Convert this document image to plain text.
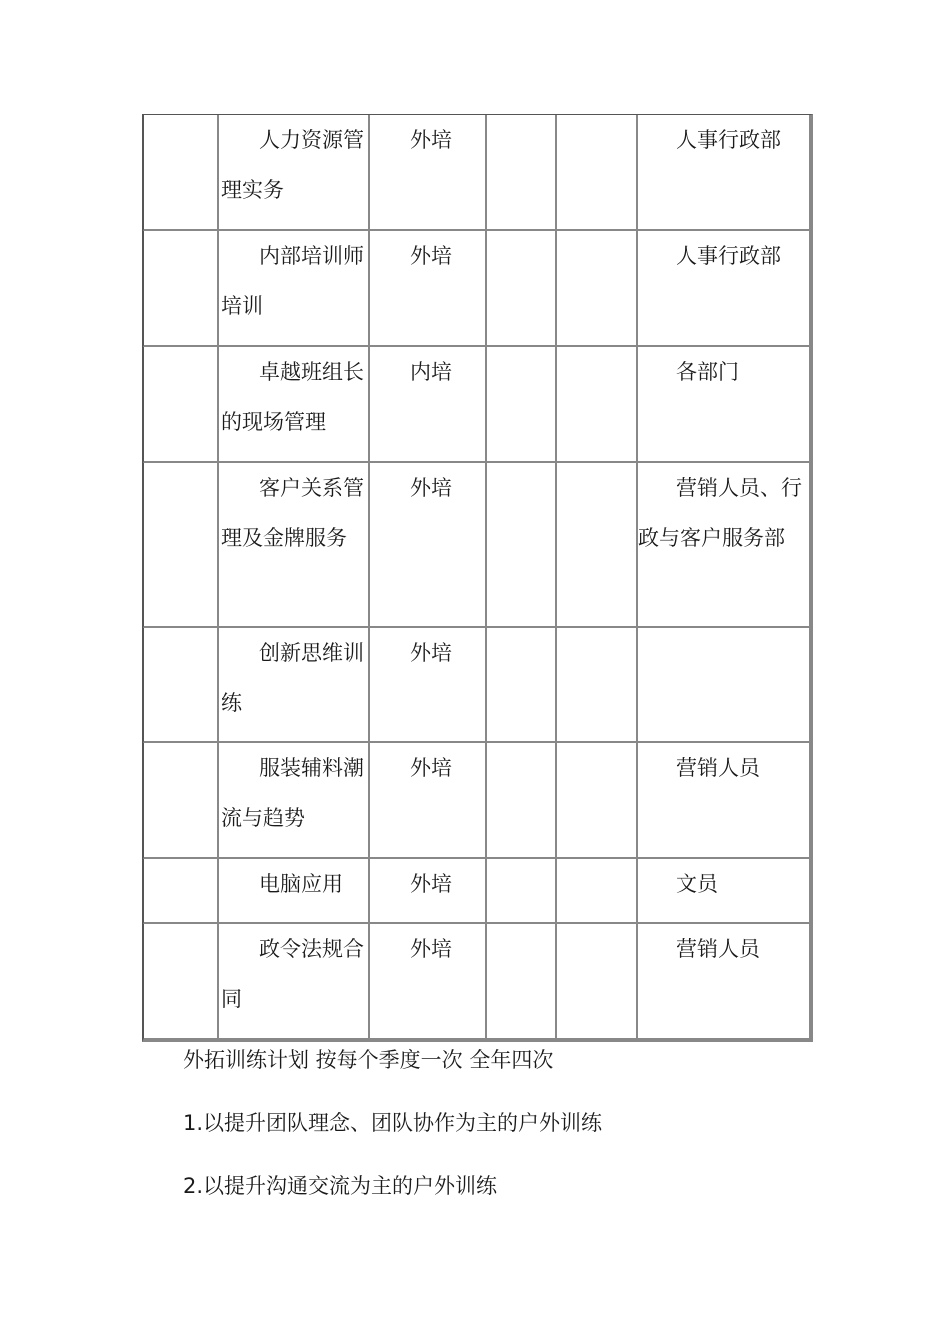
	人力资源管理实务	外培			人事行政部

	内部培训师培训	外培			人事行政部

	卓越班组长的现场管理	内培			各部门

	客户关系管理及金牌服务	外培			营销人员、行政与客户服务部

	创新思维训练	外培			

	服装辅料潮流与趋势	外培			营销人员

	电脑应用	外培			文员

	政令法规合同	外培			营销人员
外拓训练计划 按每个季度一次 全年四次
1.以提升团队理念、团队协作为主的户外训练
2.以提升沟通交流为主的户外训练
